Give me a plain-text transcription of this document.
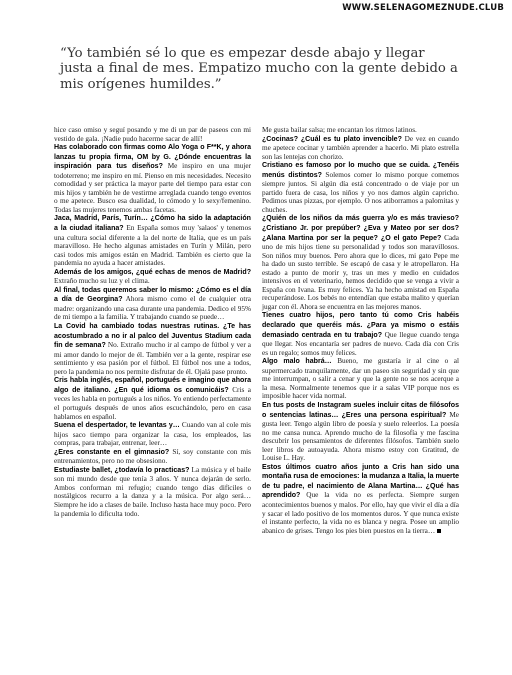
WWW.SELENAGOMEZNUDE.CLUB
“Yo también sé lo que es empezar desde abajo y llegar justa a final de mes. Empatizo mucho con la gente debido a mis orígenes humildes.”

hice caso omiso y seguí posando y me di un par de paseos con mi vestido de gala. ¡Nadie pudo hacerme sacar de allí!

Has colaborado con firmas como Alo Yoga o F**K, y ahora lanzas tu propia firma, OM by G. ¿Dónde encuentras la inspiración para tus diseños? Me inspiro en una mujer todoterreno; me inspiro en mí. Pienso en mis necesidades. Necesito comodidad y ser práctica la mayor parte del tiempo para estar con mis hijos y también he de vestirme arreglada cuando tengo eventos o me apetece. Busco esa dualidad, lo cómodo y lo sexy/femenino. Todas las mujeres tenemos ambas facetas.

Jaca, Madrid, París, Turín… ¿Cómo ha sido la adaptación a la ciudad italiana? En España somos muy 'salaos' y tenemos una cultura social diferente a la del norte de Italia, que es un país maravilloso. He hecho algunas amistades en Turín y Milán, pero casi todos mis amigos están en Madrid. También es cierto que la pandemia no ayuda a hacer amistades.

Además de los amigos, ¿qué echas de menos de Madrid? Extraño mucho su luz y el clima.

Al final, todas queremos saber lo mismo: ¿Cómo es el día a día de Georgina? Ahora mismo como el de cualquier otra madre: organizando una casa durante una pandemia. Dedico el 95% de mi tiempo a la familia. Y trabajando cuando se puede…

La Covid ha cambiado todas nuestras rutinas. ¿Te has acostumbrado a no ir al palco del Juventus Stadium cada fin de semana? No. Extraño mucho ir al campo de fútbol y ver a mi amor dando lo mejor de él. También ver a la gente, respirar ese sentimiento y esa pasión por el fútbol. El fútbol nos une a todos, pero la pandemia no nos permite disfrutar de él. Ojalá pase pronto.

Cris habla inglés, español, portugués e imagino que ahora algo de italiano. ¿En qué idioma os comunicáis? Cris a veces les habla en portugués a los niños. Yo entiendo perfectamente el portugués después de unos años escuchándolo, pero en casa hablamos en español.

Suena el despertador, te levantas y… Cuando van al cole mis hijos saco tiempo para organizar la casa, los empleados, las compras, para trabajar, entrenar, leer…

¿Eres constante en el gimnasio? Sí, soy constante con mis entrenamientos, pero no me obsesiono.

Estudiaste ballet, ¿todavía lo practicas? La música y el baile son mi mundo desde que tenía 3 años. Y nunca dejarán de serlo. Ambos conforman mi refugio; cuando tengo días difíciles o nostálgicos recurro a la danza y a la música. Por algo será… Siempre he ido a clases de baile. Incluso hasta hace muy poco. Pero la pandemia lo dificulta todo.

Me gusta bailar salsa; me encantan los ritmos latinos.

¿Cocinas? ¿Cuál es tu plato invencible? De vez en cuando me apetece cocinar y también aprender a hacerlo. Mi plato estrella son las lentejas con chorizo.

Cristiano es famoso por lo mucho que se cuida. ¿Tenéis menús distintos? Solemos comer lo mismo porque comemos siempre juntos. Si algún día está concentrado o de viaje por un partido fuera de casa, los niños y yo nos damos algún capricho. Pedimos unas pizzas, por ejemplo. O nos atiborramos a palomitas y chuches.

¿Quién de los niños da más guerra y/o es más travieso? ¿Cristiano Jr. por prepúber? ¿Eva y Mateo por ser dos? ¿Alana Martina por ser la peque? ¿O el gato Pepe? Cada uno de mis hijos tiene su personalidad y todos son maravillosos. Son niños muy buenos. Pero ahora que lo dices, mi gato Pepe me ha dado un susto terrible. Se escapó de casa y le atropellaron. Ha estado a punto de morir y, tras un mes y medio en cuidados intensivos en el veterinario, hemos decidido que se venga a vivir a España con Ivana. Es muy felices. Ya ha hecho amistad en España recuperándose. Los bebés no entendían que estaba malito y querían jugar con él. Ahora se encuentra en las mejores manos.

Tienes cuatro hijos, pero tanto tú como Cris habéis declarado que queréis más. ¿Para ya mismo o estáis demasiado centrada en tu trabajo? Que llegue cuando tenga que llegar. Nos encantaría ser padres de nuevo. Cada día con Cris es un regalo; somos muy felices.

Algo malo habrá… Bueno, me gustaría ir al cine o al supermercado tranquilamente, dar un paseo sin seguridad y sin que me interrumpan, o salir a cenar y que la gente no se nos acerque a la mesa. Normalmente tenemos que ir a salas VIP porque nos es imposible hacer vida normal.

En tus posts de Instagram sueles incluir citas de filósofos o sentencias latinas… ¿Eres una persona espiritual? Me gusta leer. Tengo algún libro de poesía y suelo releerlos. La poesía no me cansa nunca. Aprendo mucho de la filosofía y me fascina descubrir los pensamientos de diferentes filósofos. También suelo leer libros de autoayuda. Ahora mismo estoy con Gratitud, de Louise L. Hay.

Estos últimos cuatro años junto a Cris han sido una montaña rusa de emociones: la mudanza a Italia, la muerte de tu padre, el nacimiento de Alana Martina… ¿Qué has aprendido? Que la vida no es perfecta. Siempre surgen acontecimientos buenos y malos. Por ello, hay que vivir el día a día y sacar el lado positivo de los momentos duros. Y que nunca existe el instante perfecto, la vida no es blanca y negra. Posee un amplio abanico de grises. Tengo los pies bien puestos en la tierra…
